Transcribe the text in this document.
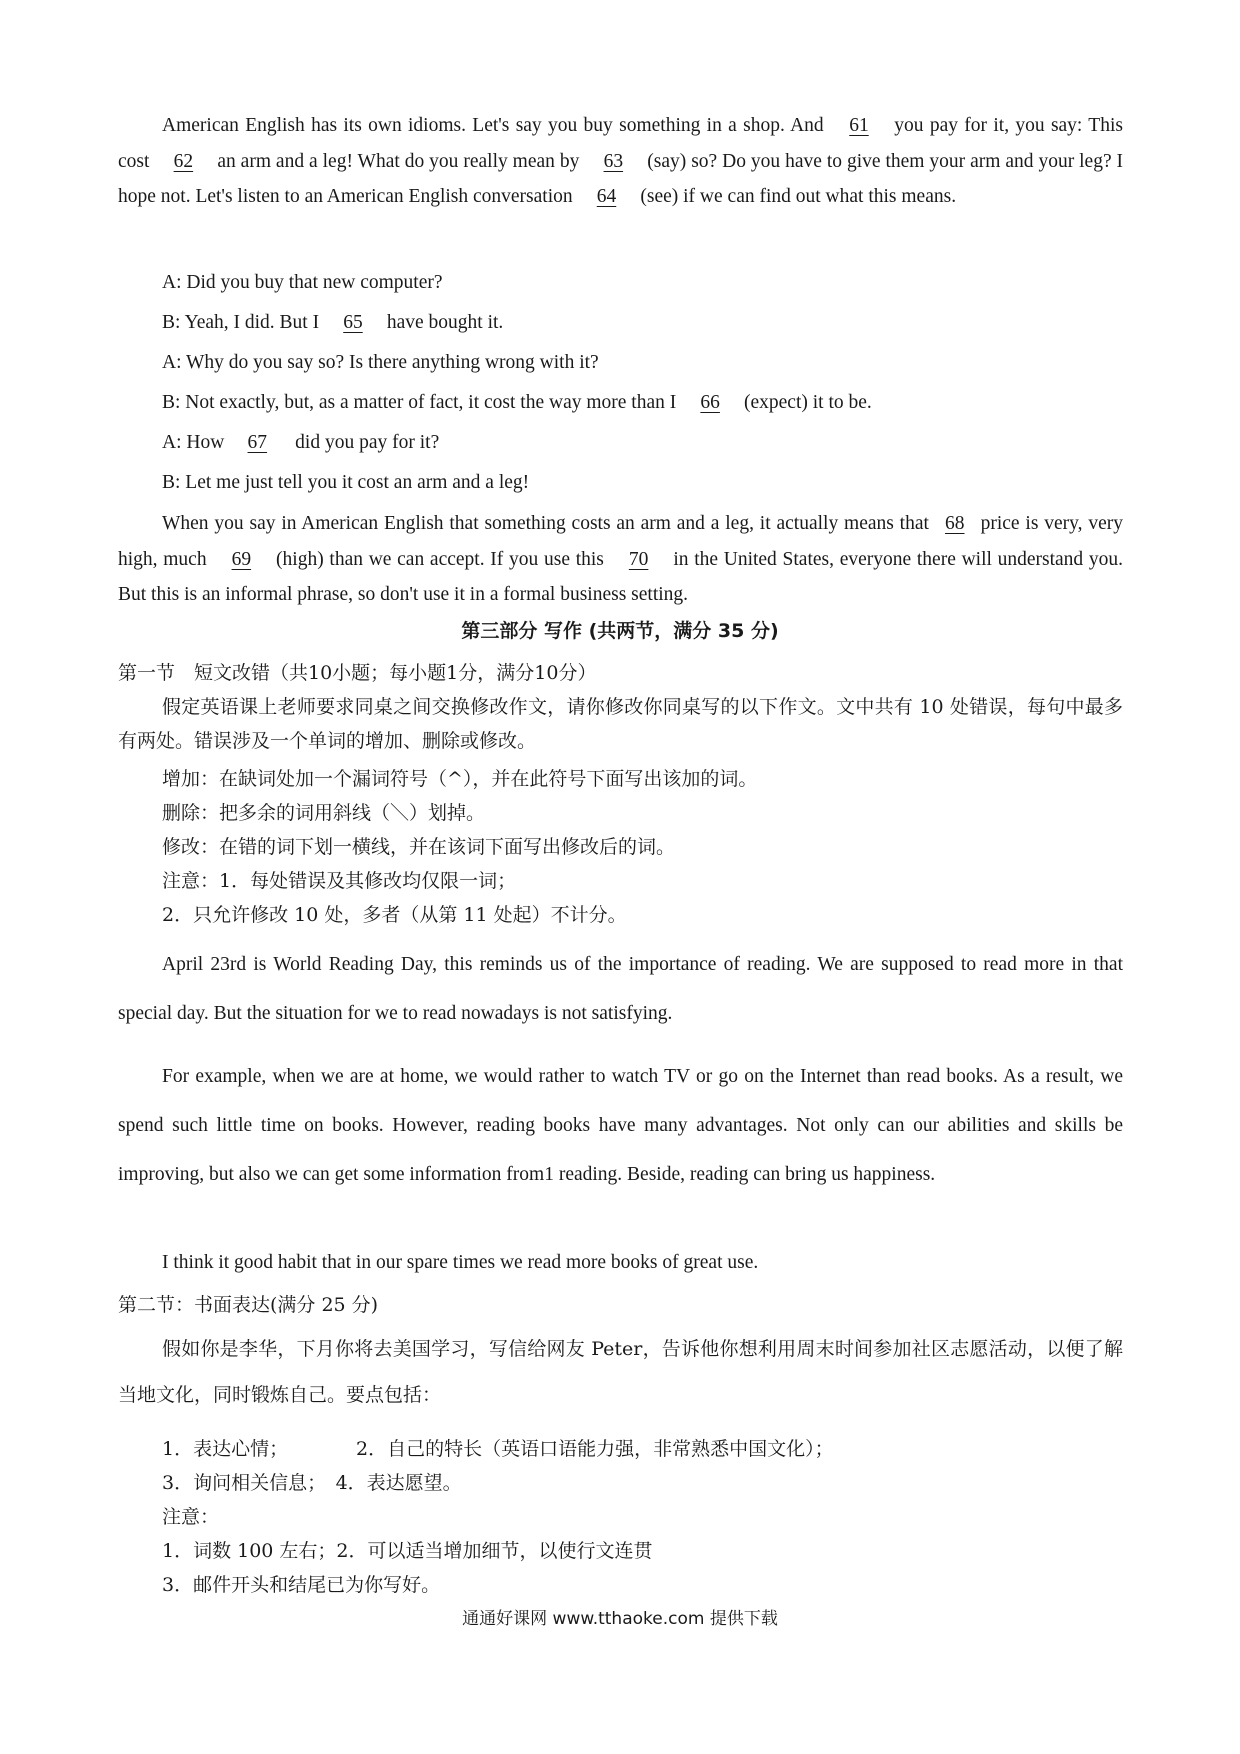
American English has its own idioms. Let's say you buy something in a shop. And 61 you pay for it, you say: This cost 62 an arm and a leg! What do you really mean by 63 (say) so? Do you have to give them your arm and your leg? I hope not. Let's listen to an American English conversation 64 (see) if we can find out what this means.

A: Did you buy that new computer?

B: Yeah, I did. But I 65 have bought it.

A: Why do you say so? Is there anything wrong with it?

B: Not exactly, but, as a matter of fact, it cost the way more than I 66 (expect) it to be.

A: How 67 did you pay for it?

B: Let me just tell you it cost an arm and a leg!

When you say in American English that something costs an arm and a leg, it actually means that 68 price is very, very high, much 69 (high) than we can accept. If you use this 70 in the United States, everyone there will understand you. But this is an informal phrase, so don't use it in a formal business setting.

第三部分 写作 (共两节，满分 35 分)

第一节　短文改错（共10小题；每小题1分，满分10分）

假定英语课上老师要求同桌之间交换修改作文，请你修改你同桌写的以下作文。文中共有 10 处错误，每句中最多有两处。错误涉及一个单词的增加、删除或修改。

增加：在缺词处加一个漏词符号（^），并在此符号下面写出该加的词。

删除：把多余的词用斜线（＼）划掉。

修改：在错的词下划一横线，并在该词下面写出修改后的词。

注意：1．每处错误及其修改均仅限一词；

2．只允许修改 10 处，多者（从第 11 处起）不计分。

April 23rd is World Reading Day, this reminds us of the importance of reading. We are supposed to read more in that special day. But the situation for we to read nowadays is not satisfying.

For example, when we are at home, we would rather to watch TV or go on the Internet than read books. As a result, we spend such little time on books. However, reading books have many advantages. Not only can our abilities and skills be improving, but also we can get some information from1 reading. Beside, reading can bring us happiness.

I think it good habit that in our spare times we read more books of great use.

第二节：书面表达(满分 25 分)

假如你是李华，下月你将去美国学习，写信给网友 Peter，告诉他你想利用周末时间参加社区志愿活动，以便了解当地文化，同时锻炼自己。要点包括：

1．表达心情；	2．自己的特长（英语口语能力强，非常熟悉中国文化）；

3．询问相关信息；　4．表达愿望。

注意：

1．词数 100 左右；2．可以适当增加细节，以使行文连贯

3．邮件开头和结尾已为你写好。

通通好课网 www.tthaoke.com 提供下载
